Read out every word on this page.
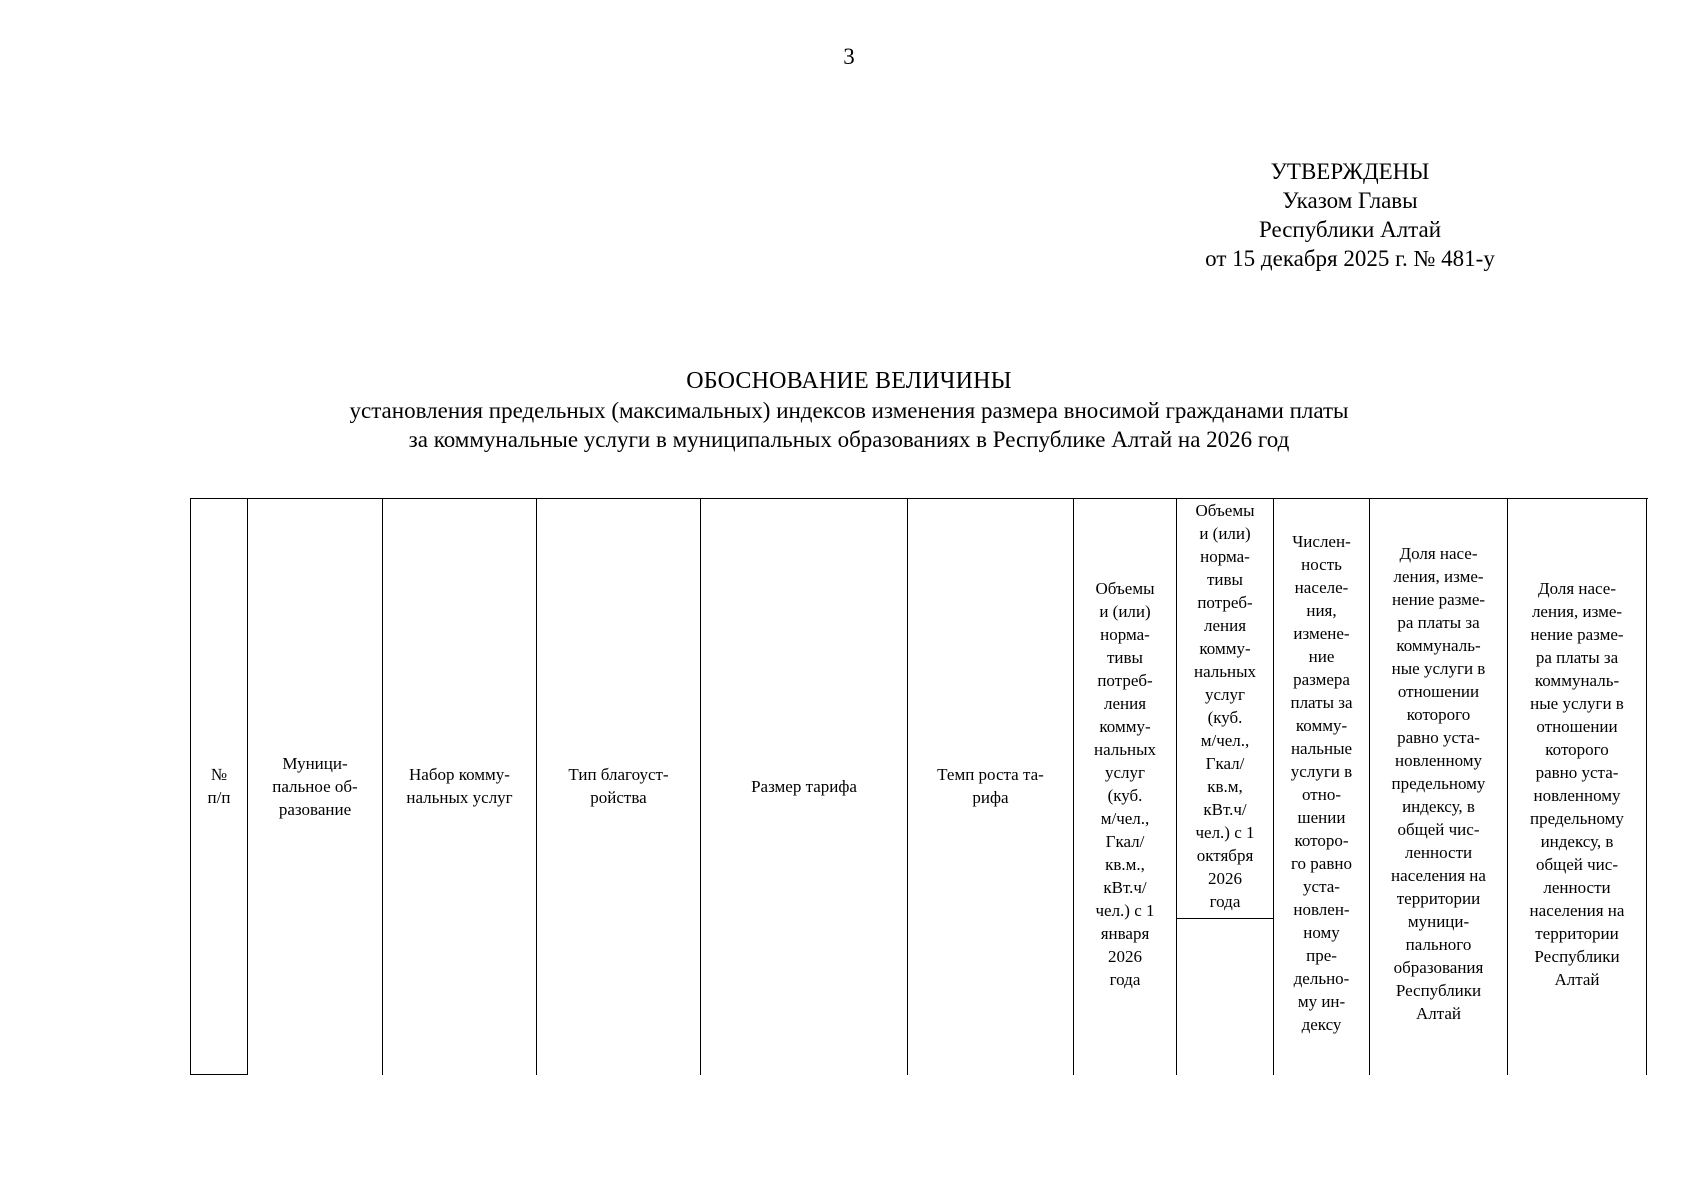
3
УТВЕРЖДЕНЫ
Указом Главы
Республики Алтай
от 15 декабря 2025 г. № 481-у
ОБОСНОВАНИЕ ВЕЛИЧИНЫ
установления предельных (максимальных) индексов изменения размера вносимой гражданами платы
за коммунальные услуги в муниципальных образованиях в Республике Алтай на 2026 год
№
п/п
Муници-
пальное об-
разование
Набор комму-
нальных услуг
Тип благоуст-
ройства
Размер тарифа
Темп роста та-
рифа
Объемы
и (или)
норма-
тивы
потреб-
ления
комму-
нальных
услуг
(куб.
м/чел.,
Гкал/
кв.м.,
кВт.ч/
чел.) с 1
января
2026
года
Объемы
и (или)
норма-
тивы
потреб-
ления
комму-
нальных
услуг
(куб.
м/чел.,
Гкал/
кв.м,
кВт.ч/
чел.) с 1
октября
2026
года
Числен-
ность
населе-
ния,
измене-
ние
размера
платы за
комму-
нальные
услуги в
отно-
шении
которо-
го равно
уста-
новлен-
ному
пре-
дельно-
му ин-
дексу
Доля насе-
ления, изме-
нение разме-
ра платы за
коммуналь-
ные услуги в
отношении
которого
равно уста-
новленному
предельному
индексу, в
общей чис-
ленности
населения на
территории
муници-
пального
образования
Республики
Алтай
Доля насе-
ления, изме-
нение разме-
ра платы за
коммуналь-
ные услуги в
отношении
которого
равно уста-
новленному
предельному
индексу, в
общей чис-
ленности
населения на
территории
Республики
Алтай
